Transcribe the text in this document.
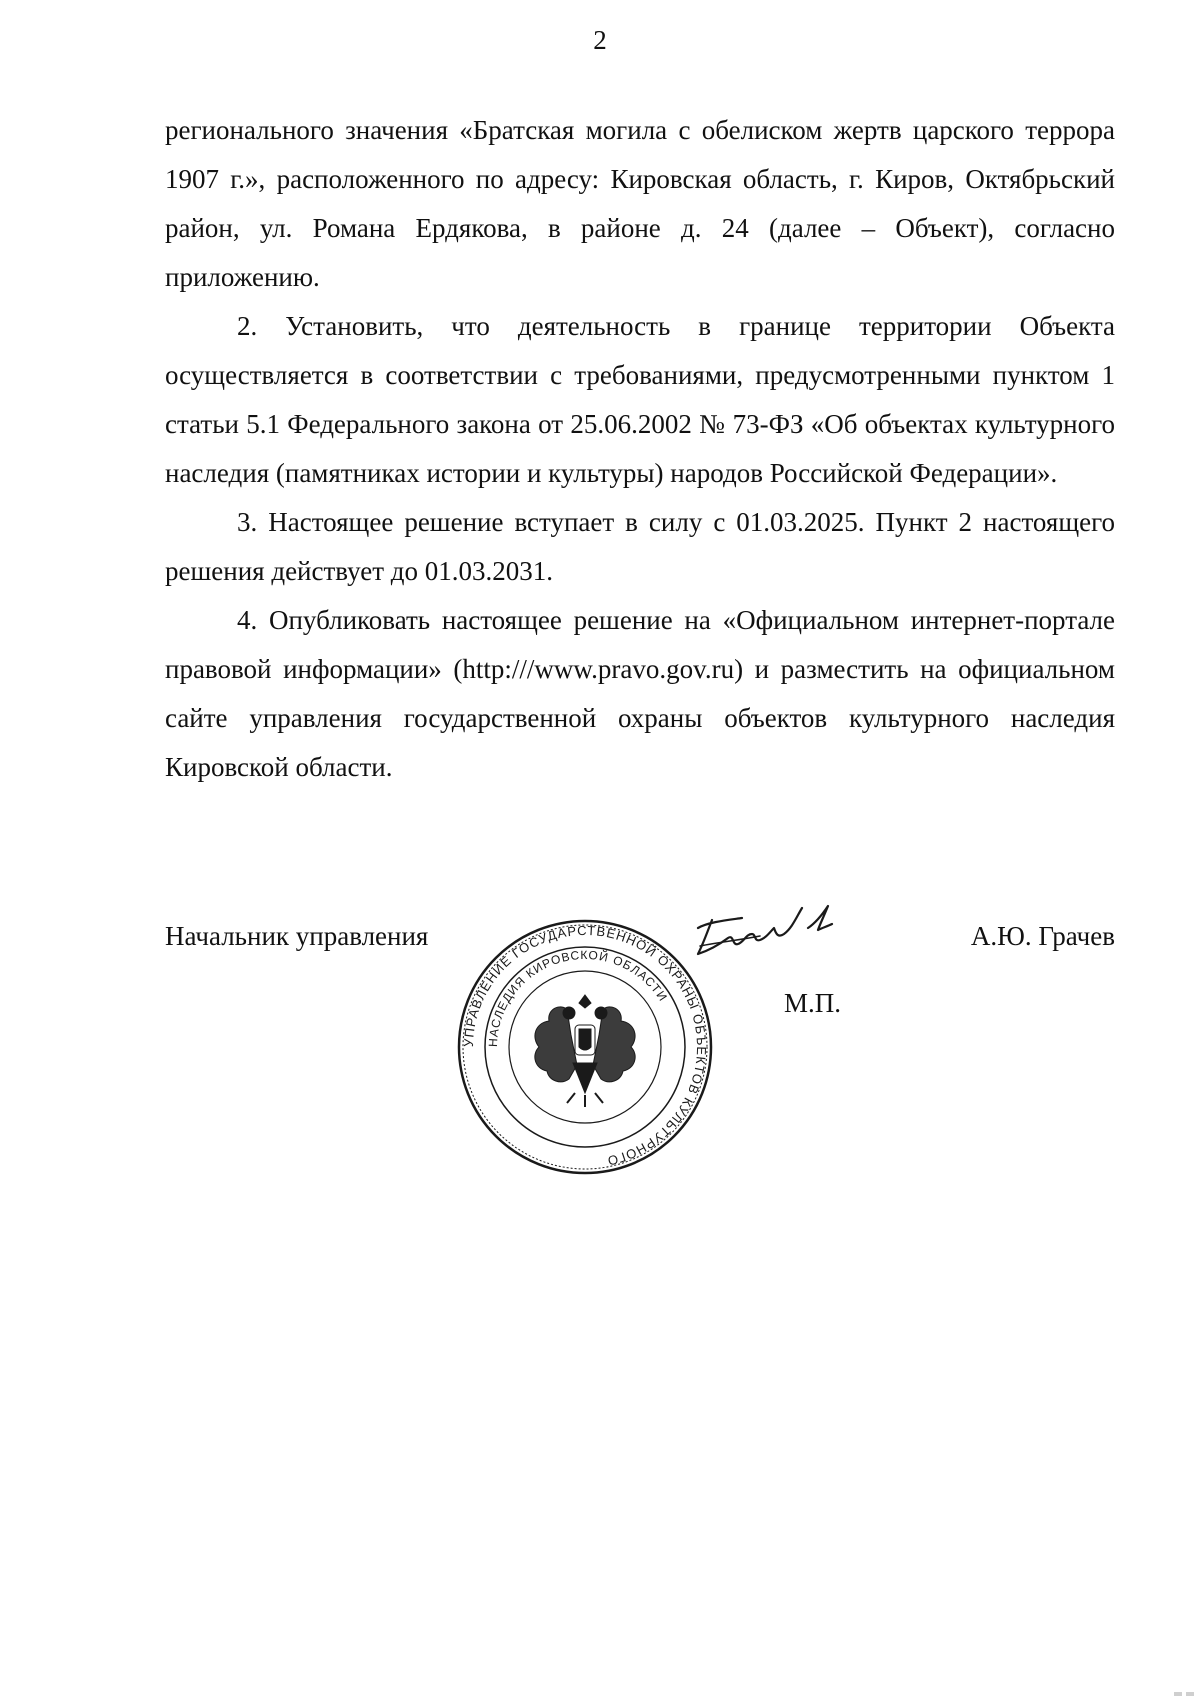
2

регионального значения «Братская могила с обелиском жертв царского террора 1907 г.», расположенного по адресу: Кировская область, г. Киров, Октябрьский район, ул. Романа Ердякова, в районе д. 24 (далее – Объект), согласно приложению.

2. Установить, что деятельность в границе территории Объекта осуществляется в соответствии с требованиями, предусмотренными пунктом 1 статьи 5.1 Федерального закона от 25.06.2002 № 73-ФЗ «Об объектах культурного наследия (памятниках истории и культуры) народов Российской Федерации».

3. Настоящее решение вступает в силу с 01.03.2025. Пункт 2 настоящего решения действует до 01.03.2031.

4. Опубликовать настоящее решение на «Официальном интернет-портале правовой информации» (http:///www.pravo.gov.ru) и разместить на официальном сайте управления государственной охраны объектов культурного наследия Кировской области.

Начальник управления
УПРАВЛЕНИЕ ГОСУДАРСТВЕННОЙ ОХРАНЫ ОБЪЕКТОВ КУЛЬТУРНОГО
НАСЛЕДИЯ КИРОВСКОЙ ОБЛАСТИ
А.Ю. Грачев
М.П.
